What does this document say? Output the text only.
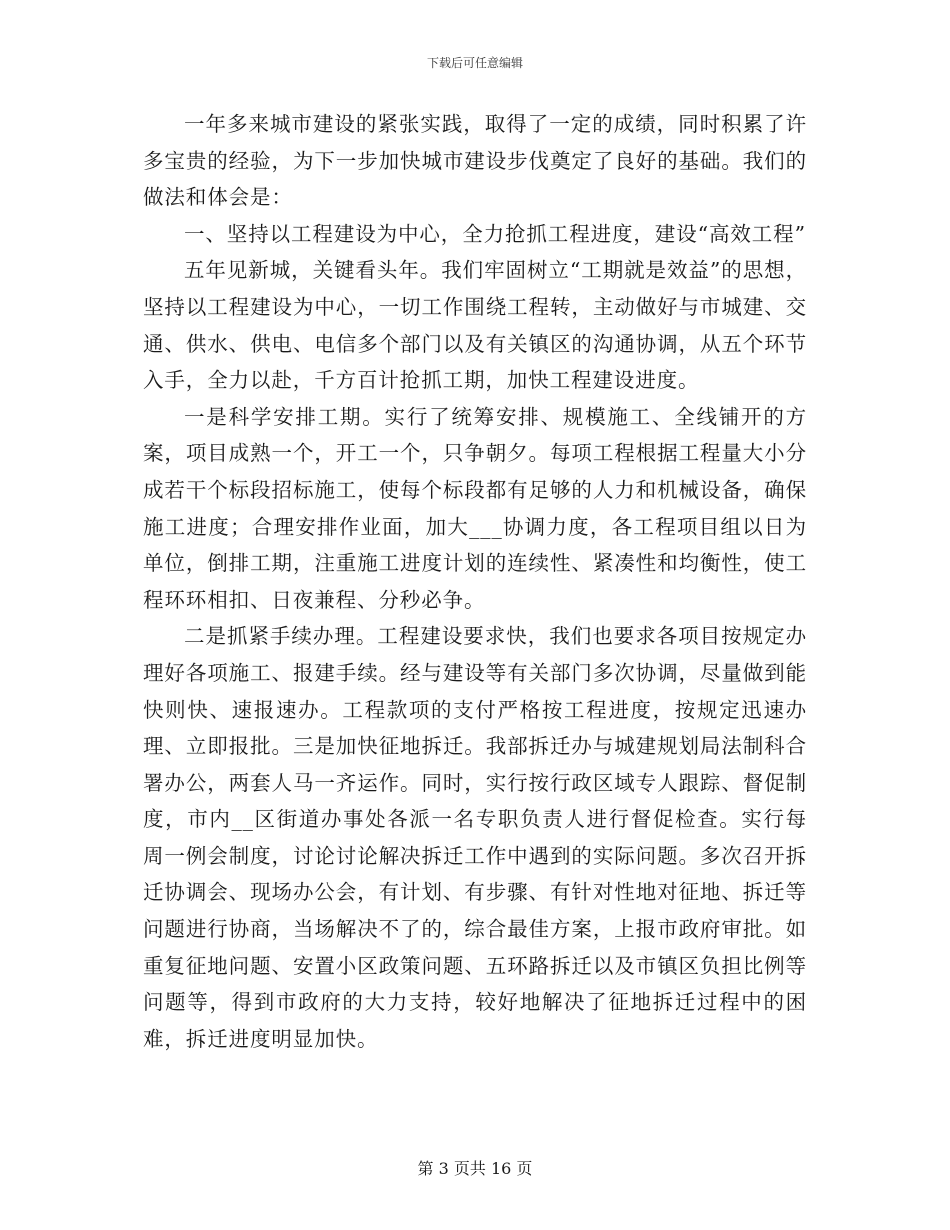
下载后可任意编辑

一年多来城市建设的紧张实践，取得了一定的成绩，同时积累了许多宝贵的经验，为下一步加快城市建设步伐奠定了良好的基础。我们的做法和体会是：

一、坚持以工程建设为中心，全力抢抓工程进度，建设“高效工程”

五年见新城，关键看头年。我们牢固树立“工期就是效益”的思想，坚持以工程建设为中心，一切工作围绕工程转，主动做好与市城建、交通、供水、供电、电信多个部门以及有关镇区的沟通协调，从五个环节入手，全力以赴，千方百计抢抓工期，加快工程建设进度。

一是科学安排工期。实行了统筹安排、规模施工、全线铺开的方案，项目成熟一个，开工一个，只争朝夕。每项工程根据工程量大小分成若干个标段招标施工，使每个标段都有足够的人力和机械设备，确保施工进度；合理安排作业面，加大___协调力度，各工程项目组以日为单位，倒排工期，注重施工进度计划的连续性、紧凑性和均衡性，使工程环环相扣、日夜兼程、分秒必争。

二是抓紧手续办理。工程建设要求快，我们也要求各项目按规定办理好各项施工、报建手续。经与建设等有关部门多次协调，尽量做到能快则快、速报速办。工程款项的支付严格按工程进度，按规定迅速办理、立即报批。三是加快征地拆迁。我部拆迁办与城建规划局法制科合署办公，两套人马一齐运作。同时，实行按行政区域专人跟踪、督促制度，市内__区街道办事处各派一名专职负责人进行督促检查。实行每周一例会制度，讨论讨论解决拆迁工作中遇到的实际问题。多次召开拆迁协调会、现场办公会，有计划、有步骤、有针对性地对征地、拆迁等问题进行协商，当场解决不了的，综合最佳方案，上报市政府审批。如重复征地问题、安置小区政策问题、五环路拆迁以及市镇区负担比例等问题等，得到市政府的大力支持，较好地解决了征地拆迁过程中的困难，拆迁进度明显加快。

第 3 页共 16 页
